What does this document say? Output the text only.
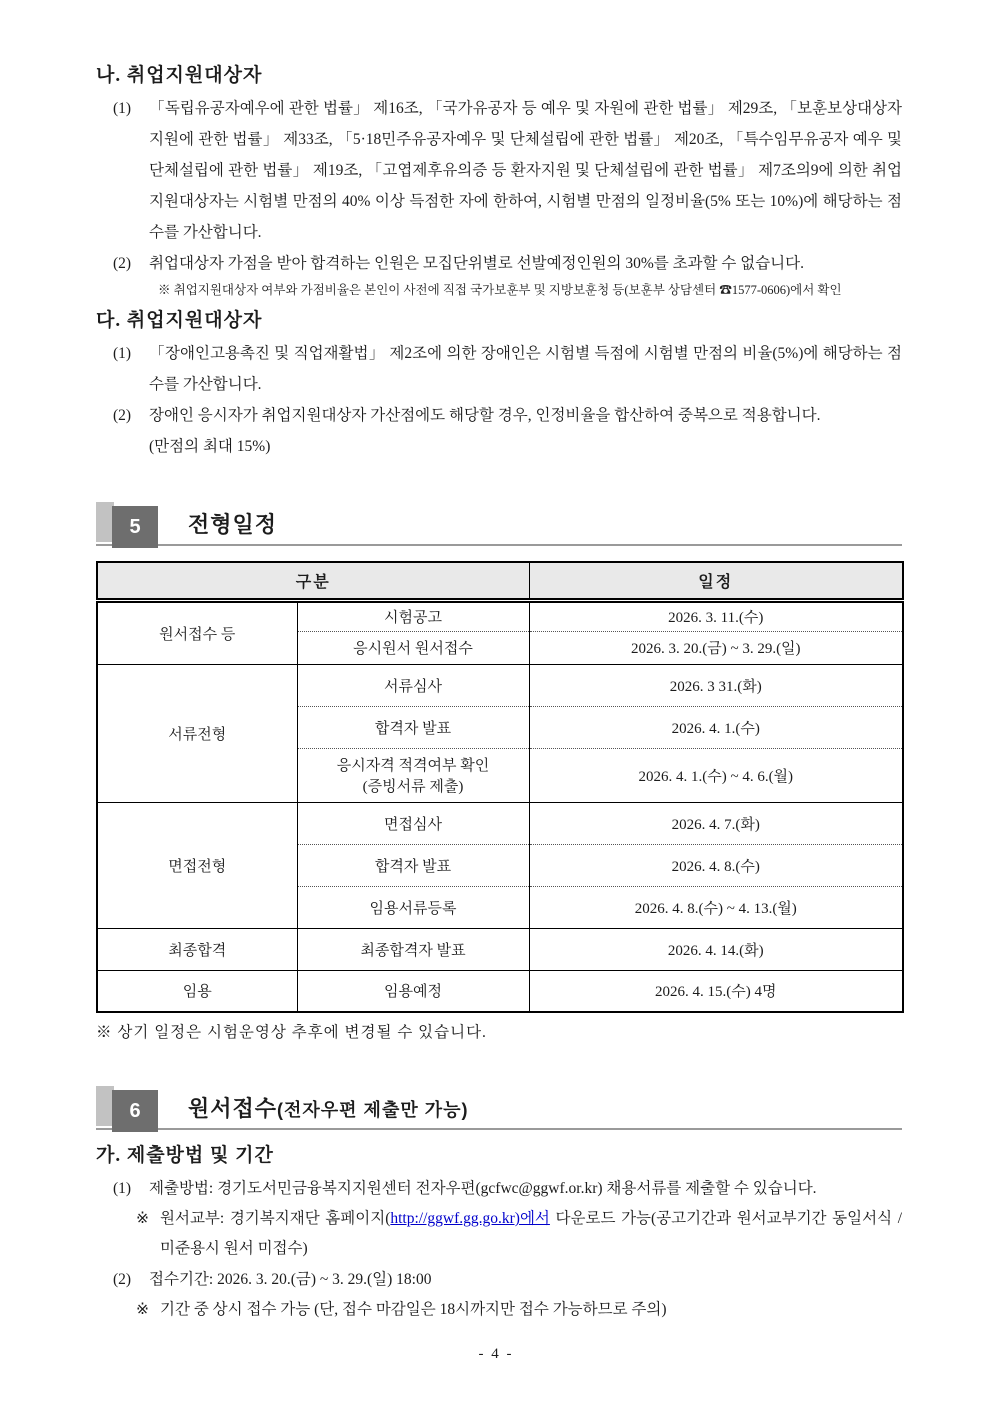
나. 취업지원대상자
(1)	「독립유공자예우에 관한 법률」 제16조, 「국가유공자 등 예우 및 자원에 관한 법률」 제29조, 「보훈보상대상자 지원에 관한 법률」 제33조, 「5·18민주유공자예우 및 단체설립에 관한 법률」 제20조, 「특수임무유공자 예우 및 단체설립에 관한 법률」 제19조, 「고엽제후유의증 등 환자지원 및 단체설립에 관한 법률」 제7조의9에 의한 취업지원대상자는 시험별 만점의 40% 이상 득점한 자에 한하여, 시험별 만점의 일정비율(5% 또는 10%)에 해당하는 점수를 가산합니다.
(2)	취업대상자 가점을 받아 합격하는 인원은 모집단위별로 선발예정인원의 30%를 초과할 수 없습니다.
※ 취업지원대상자 여부와 가점비율은 본인이 사전에 직접 국가보훈부 및 지방보훈청 등(보훈부 상담센터 ☎1577-0606)에서 확인
다. 취업지원대상자
(1)	「장애인고용촉진 및 직업재활법」 제2조에 의한 장애인은 시험별 득점에 시험별 만점의 비율(5%)에 해당하는 점수를 가산합니다.
(2)	장애인 응시자가 취업지원대상자 가산점에도 해당할 경우, 인정비율을 합산하여 중복으로 적용합니다.
(만점의 최대 15%)
5	전형일정
구분		일정
원서접수 등	시험공고	2026. 3. 11.(수)

	응시원서 원서접수	2026. 3. 20.(금) ~ 3. 29.(일)
서류전형	서류심사	2026. 3 31.(화)

	합격자 발표	2026. 4. 1.(수)

	응시자격 적격여부 확인
(증빙서류 제출)	2026. 4. 1.(수) ~ 4. 6.(월)
면접전형	면접심사	2026. 4. 7.(화)

	합격자 발표	2026. 4. 8.(수)

	임용서류등록	2026. 4. 8.(수) ~ 4. 13.(월)
최종합격	최종합격자 발표	2026. 4. 14.(화)
임용	임용예정	2026. 4. 15.(수) 4명
※ 상기 일정은 시험운영상 추후에 변경될 수 있습니다.
6	원서접수(전자우편 제출만 가능)
가. 제출방법 및 기간
(1)	제출방법: 경기도서민금융복지지원센터 전자우편(gcfwc@ggwf.or.kr) 채용서류를 제출할 수 있습니다.
※ 원서교부: 경기복지재단 홈페이지(http://ggwf.gg.go.kr)에서 다운로드 가능(공고기간과 원서교부기간 동일서식 / 미준용시 원서 미접수)
(2)	접수기간: 2026. 3. 20.(금) ~ 3. 29.(일) 18:00
※ 기간 중 상시 접수 가능 (단, 접수 마감일은 18시까지만 접수 가능하므로 주의)
- 4 -
